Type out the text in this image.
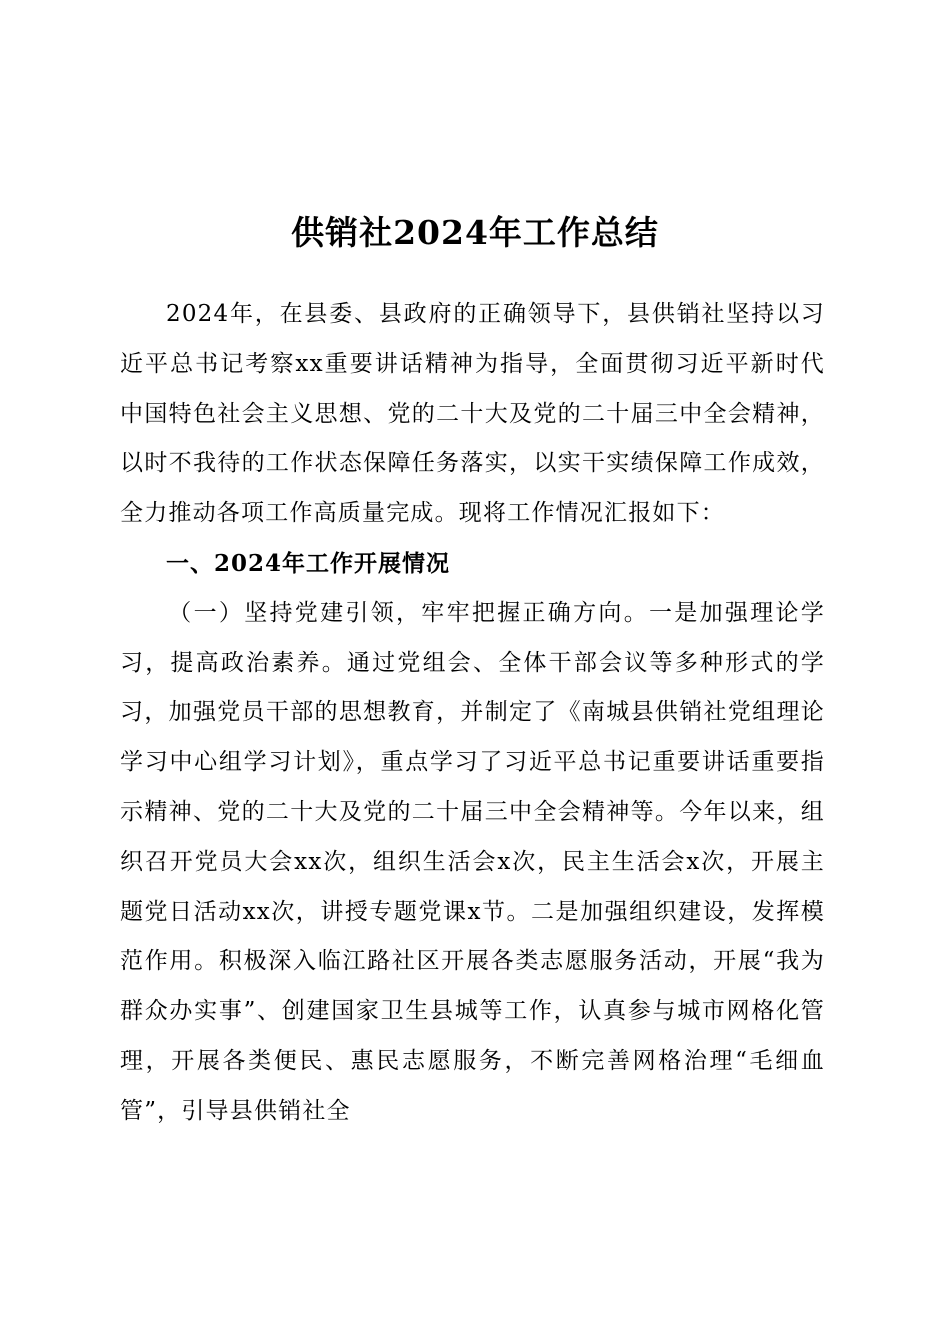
供销社2024年工作总结

2024年，在县委、县政府的正确领导下，县供销社坚持以习近平总书记考察xx重要讲话精神为指导，全面贯彻习近平新时代中国特色社会主义思想、党的二十大及党的二十届三中全会精神，以时不我待的工作状态保障任务落实，以实干实绩保障工作成效，全力推动各项工作高质量完成。现将工作情况汇报如下：

一、2024年工作开展情况

（一）坚持党建引领，牢牢把握正确方向。一是加强理论学习，提高政治素养。通过党组会、全体干部会议等多种形式的学习，加强党员干部的思想教育，并制定了《南城县供销社党组理论学习中心组学习计划》，重点学习了习近平总书记重要讲话重要指示精神、党的二十大及党的二十届三中全会精神等。今年以来，组织召开党员大会xx次，组织生活会x次，民主生活会x次，开展主题党日活动xx次，讲授专题党课x节。二是加强组织建设，发挥模范作用。积极深入临江路社区开展各类志愿服务活动，开展“我为群众办实事”、创建国家卫生县城等工作，认真参与城市网格化管理，开展各类便民、惠民志愿服务，不断完善网格治理“毛细血管”，引导县供销社全
